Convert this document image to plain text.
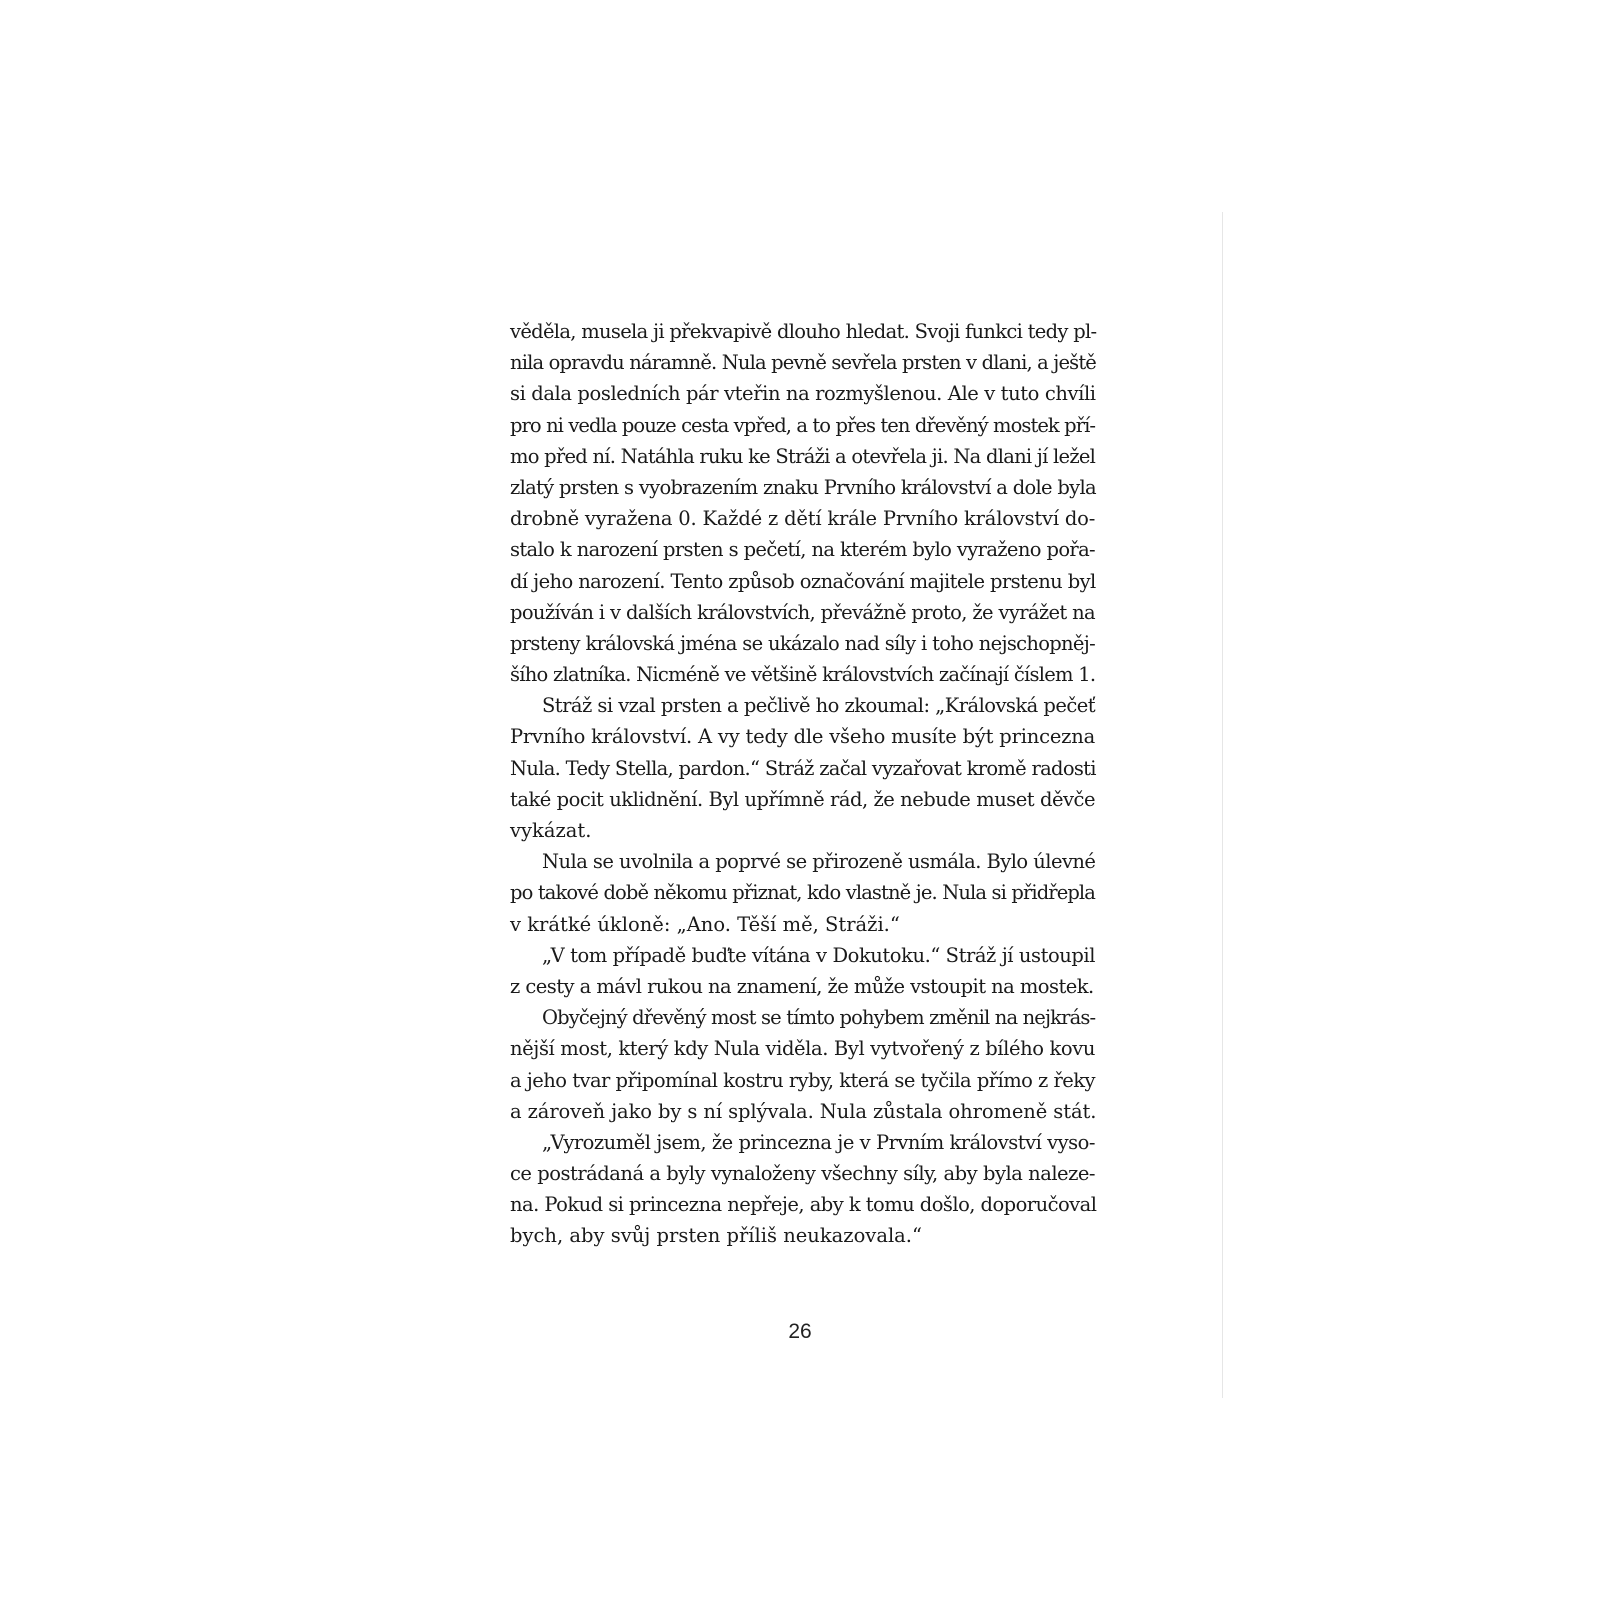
věděla, musela ji překvapivě dlouho hledat. Svoji funkci tedy pl-
nila opravdu náramně. Nula pevně sevřela prsten v dlani, a ještě
si dala posledních pár vteřin na rozmyšlenou. Ale v tuto chvíli
pro ni vedla pouze cesta vpřed, a to přes ten dřevěný mostek pří-
mo před ní. Natáhla ruku ke Stráži a otevřela ji. Na dlani jí ležel
zlatý prsten s vyobrazením znaku Prvního království a dole byla
drobně vyražena 0. Každé z dětí krále Prvního království do-
stalo k narození prsten s pečetí, na kterém bylo vyraženo pořa-
dí jeho narození. Tento způsob označování majitele prstenu byl
používán i v dalších královstvích, převážně proto, že vyrážet na
prsteny královská jména se ukázalo nad síly i toho nejschopněj-
šího zlatníka. Nicméně ve většině královstvích začínají číslem 1.
Stráž si vzal prsten a pečlivě ho zkoumal: „Královská pečeť
Prvního království. A vy tedy dle všeho musíte být princezna
Nula. Tedy Stella, pardon.“ Stráž začal vyzařovat kromě radosti
také pocit uklidnění. Byl upřímně rád, že nebude muset děvče
vykázat.
Nula se uvolnila a poprvé se přirozeně usmála. Bylo úlevné
po takové době někomu přiznat, kdo vlastně je. Nula si přidřepla
v krátké úkloně: „Ano. Těší mě, Stráži.“
„V tom případě buďte vítána v Dokutoku.“ Stráž jí ustoupil
z cesty a mávl rukou na znamení, že může vstoupit na mostek.
Obyčejný dřevěný most se tímto pohybem změnil na nejkrás-
nější most, který kdy Nula viděla. Byl vytvořený z bílého kovu
a jeho tvar připomínal kostru ryby, která se tyčila přímo z řeky
a zároveň jako by s ní splývala. Nula zůstala ohromeně stát.
„Vyrozuměl jsem, že princezna je v Prvním království vyso-
ce postrádaná a byly vynaloženy všechny síly, aby byla naleze-
na. Pokud si princezna nepřeje, aby k tomu došlo, doporučoval
bych, aby svůj prsten příliš neukazovala.“
26
